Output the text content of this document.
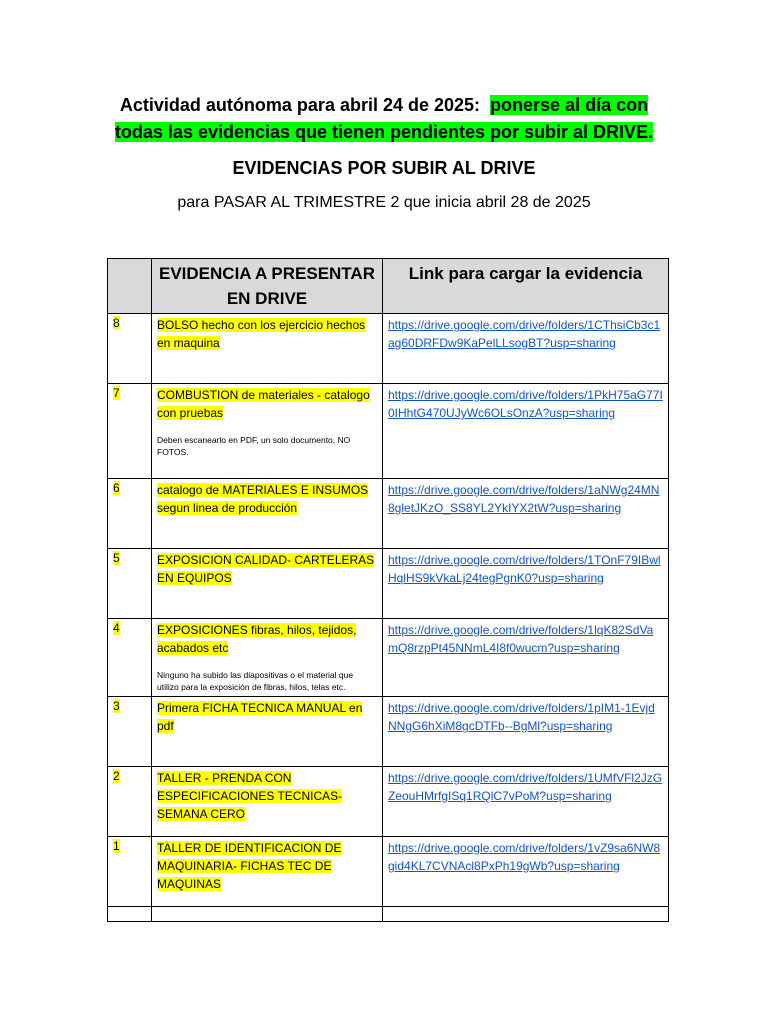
Actividad autónoma para abril 24 de 2025: ponerse al día con
todas las evidencias que tienen pendientes por subir al DRIVE.
EVIDENCIAS POR SUBIR AL DRIVE
para PASAR AL TRIMESTRE 2 que inicia abril 28 de 2025
	EVIDENCIA A PRESENTAR EN DRIVE	Link para cargar la evidencia
8	BOLSO hecho con los ejercicio hechos en maquina	https://drive.google.com/drive/folders/1CThsiCb3c1ag60DRFDw9KaPelLLsogBT?usp=sharing

7	COMBUSTION de materiales - catalogo con pruebas
Deben escanearlo en PDF, un solo documento, NO FOTOS.	https://drive.google.com/drive/folders/1PkH75aG77I0IHhtG470UJyWc6OLsOnzA?usp=sharing

6	catalogo de MATERIALES E INSUMOS segun linea de producción	https://drive.google.com/drive/folders/1aNWg24MN8gletJKzO_SS8YL2YkIYX2tW?usp=sharing

5	EXPOSICION CALIDAD- CARTELERAS EN EQUIPOS	https://drive.google.com/drive/folders/1TOnF79IBwlHqlHS9kVkaLj24tegPgnK0?usp=sharing

4	EXPOSICIONES fibras, hilos, tejidos, acabados etc
Ninguno ha subido las diapositivas o el material que utilizo para la exposición de fibras, hilos, telas etc.	https://drive.google.com/drive/folders/1lqK82SdVamQ8rzpPt45NNmL4I8f0wucm?usp=sharing

3	Primera FICHA TECNICA MANUAL en pdf	https://drive.google.com/drive/folders/1pIM1-1EvjdNNgG6hXiM8gcDTFb--BgMl?usp=sharing

2	TALLER - PRENDA CON ESPECIFICACIONES TECNICAS- SEMANA CERO	https://drive.google.com/drive/folders/1UMfVFl2JzGZeouHMrfgISq1RQlC7vPoM?usp=sharing

1	TALLER DE IDENTIFICACION DE MAQUINARIA- FICHAS TEC DE MAQUINAS	https://drive.google.com/drive/folders/1vZ9sa6NW8gid4KL7CVNAcl8PxPh19gWb?usp=sharing
